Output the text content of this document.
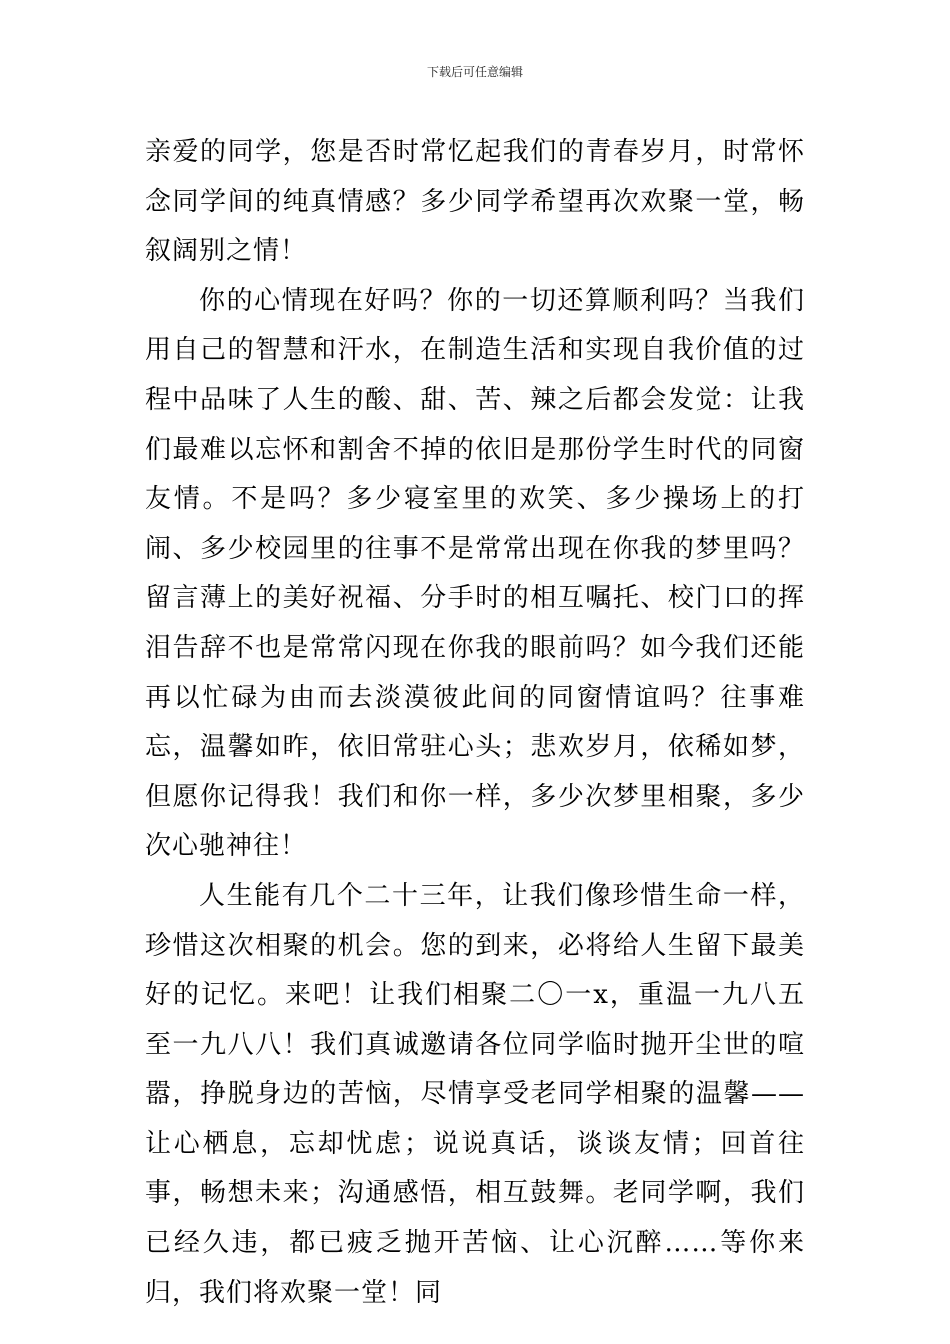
下载后可任意编辑

亲爱的同学，您是否时常忆起我们的青春岁月，时常怀念同学间的纯真情感？多少同学希望再次欢聚一堂，畅叙阔别之情！

你的心情现在好吗？你的一切还算顺利吗？当我们用自己的智慧和汗水，在制造生活和实现自我价值的过程中品味了人生的酸、甜、苦、辣之后都会发觉：让我们最难以忘怀和割舍不掉的依旧是那份学生时代的同窗友情。不是吗？多少寝室里的欢笑、多少操场上的打闹、多少校园里的往事不是常常出现在你我的梦里吗？留言薄上的美好祝福、分手时的相互嘱托、校门口的挥泪告辞不也是常常闪现在你我的眼前吗？如今我们还能再以忙碌为由而去淡漠彼此间的同窗情谊吗？往事难忘，温馨如昨，依旧常驻心头；悲欢岁月，依稀如梦，但愿你记得我！我们和你一样，多少次梦里相聚，多少次心驰神往！

人生能有几个二十三年，让我们像珍惜生命一样，珍惜这次相聚的机会。您的到来，必将给人生留下最美好的记忆。来吧！让我们相聚二〇一x，重温一九八五至一九八八！我们真诚邀请各位同学临时抛开尘世的喧嚣，挣脱身边的苦恼，尽情享受老同学相聚的温馨——让心栖息，忘却忧虑；说说真话，谈谈友情；回首往事，畅想未来；沟通感悟，相互鼓舞。老同学啊，我们已经久违，都已疲乏抛开苦恼、让心沉醉……等你来归，我们将欢聚一堂！同
